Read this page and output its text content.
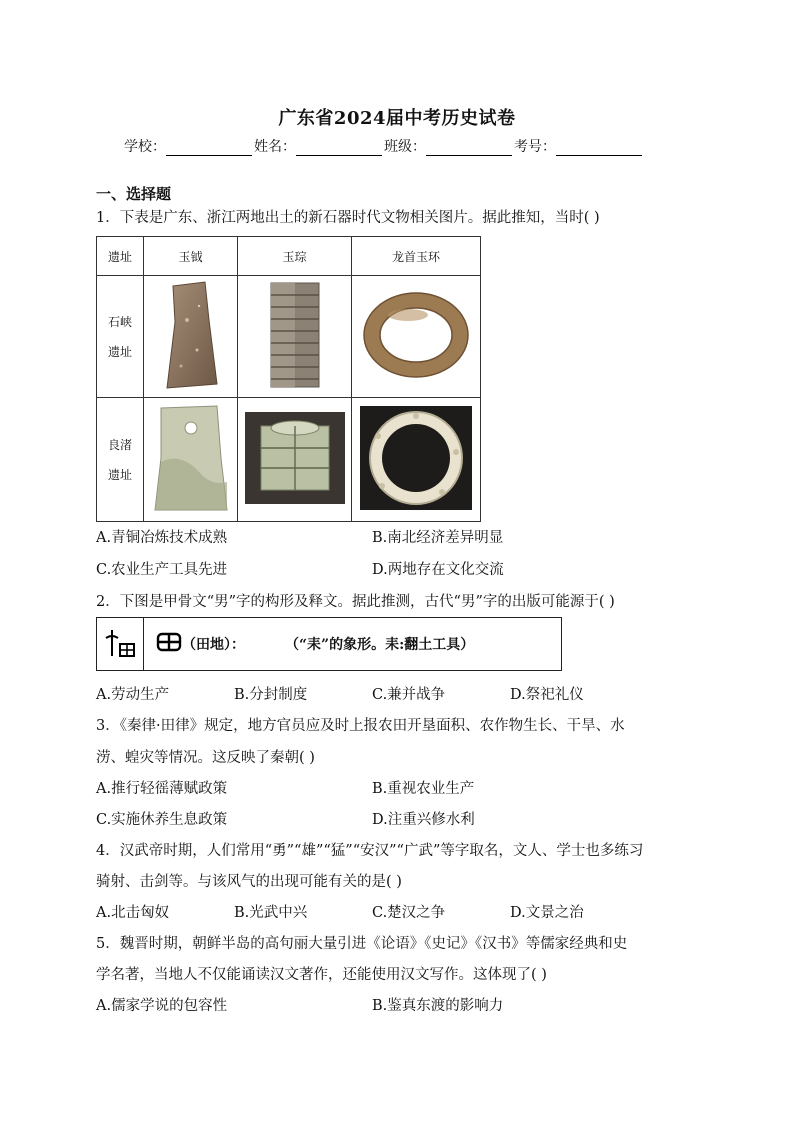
广东省2024届中考历史试卷
学校：	姓名：	班级：	考号：
一、选择题
1．下表是广东、浙江两地出土的新石器时代文物相关图片。据此推知，当时( )
遗址	玉钺	玉琮	龙首玉环

石峡
遗址

良渚
遗址

A.青铜冶炼技术成熟	B.南北经济差异明显
C.农业生产工具先进	D.两地存在文化交流
2．下图是甲骨文“男”字的构形及释文。据此推测，古代“男”字的出版可能源于( )
（田地）：	（“耒”的象形。耒:翻土工具）
A.劳动生产	B.分封制度	C.兼并战争	D.祭祀礼仪
3．《秦律·田律》规定，地方官员应及时上报农田开垦面积、农作物生长、干旱、水
涝、蝗灾等情况。这反映了秦朝( )
A.推行轻徭薄赋政策	B.重视农业生产
C.实施休养生息政策	D.注重兴修水利
4．汉武帝时期，人们常用“勇”“雄”“猛”“安汉”“广武”等字取名，文人、学士也多练习
骑射、击剑等。与该风气的出现可能有关的是( )
A.北击匈奴	B.光武中兴	C.楚汉之争	D.文景之治
5．魏晋时期，朝鲜半岛的高句丽大量引进《论语》《史记》《汉书》等儒家经典和史
学名著，当地人不仅能诵读汉文著作，还能使用汉文写作。这体现了( )
A.儒家学说的包容性	B.鉴真东渡的影响力
